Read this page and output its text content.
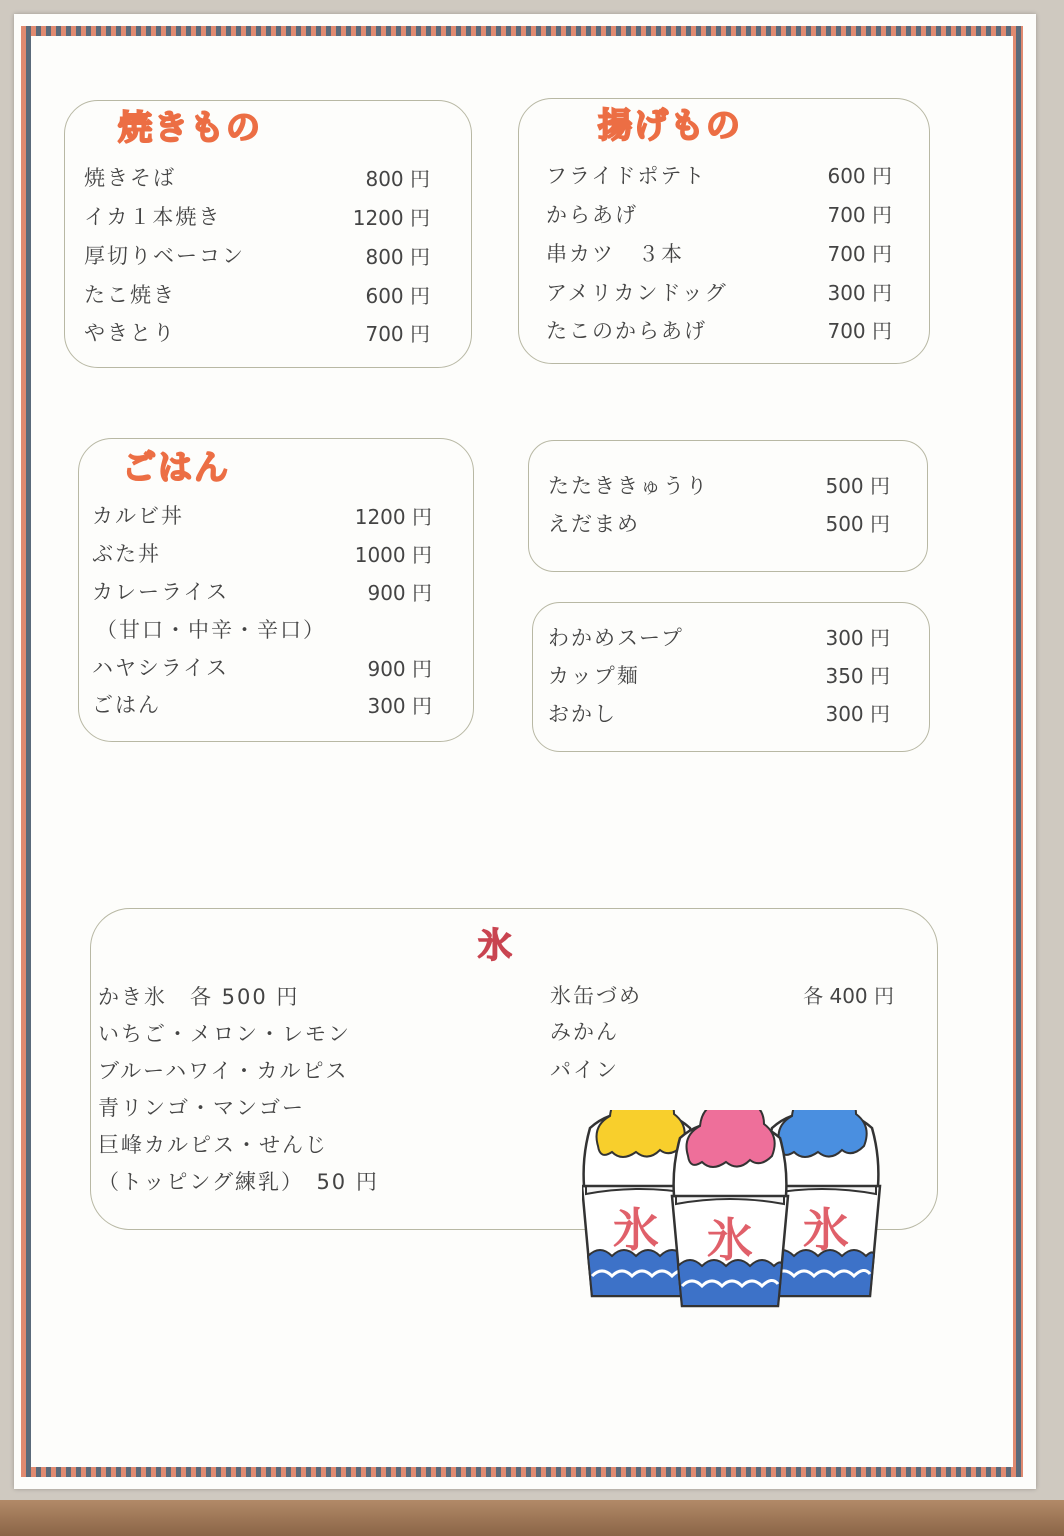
焼きもの
焼きそば	800 円
イカ１本焼き	1200 円
厚切りベーコン	800 円
たこ焼き	600 円
やきとり	700 円
揚げもの
フライドポテト	600 円
からあげ	700 円
串カツ　３本	700 円
アメリカンドッグ	300 円
たこのからあげ	700 円
ごはん
カルビ丼	1200 円
ぶた丼	1000 円
カレーライス	900 円
（甘口・中辛・辛口）
ハヤシライス	900 円
ごはん	300 円
たたききゅうり	500 円
えだまめ	500 円
わかめスープ	300 円
カップ麺	350 円
おかし	300 円
氷
かき氷　各 500 円
いちご・メロン・レモン
ブルーハワイ・カルピス
青リンゴ・マンゴー
巨峰カルピス・せんじ
（トッピング練乳）　50 円
氷缶づめ	各 400 円
みかん
パイン
氷	氷
氷
